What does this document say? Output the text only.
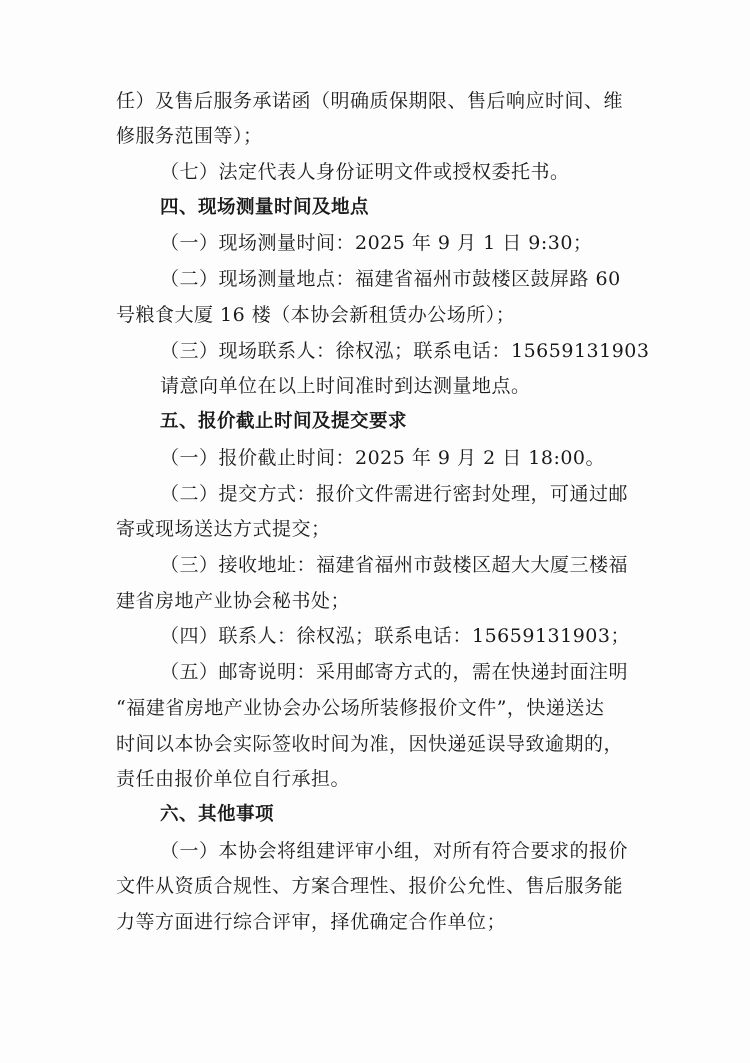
任）及售后服务承诺函（明确质保期限、售后响应时间、维
修服务范围等）；
（七）法定代表人身份证明文件或授权委托书。
四、现场测量时间及地点
（一）现场测量时间：2025 年 9 月 1 日 9:30；
（二）现场测量地点：福建省福州市鼓楼区鼓屏路 60
号粮食大厦 16 楼（本协会新租赁办公场所）；
（三）现场联系人：徐权泓；联系电话：15659131903
请意向单位在以上时间准时到达测量地点。
五、报价截止时间及提交要求
（一）报价截止时间：2025 年 9 月 2 日 18:00。
（二）提交方式：报价文件需进行密封处理，可通过邮
寄或现场送达方式提交；
（三）接收地址：福建省福州市鼓楼区超大大厦三楼福
建省房地产业协会秘书处；
（四）联系人：徐权泓；联系电话：15659131903；
（五）邮寄说明：采用邮寄方式的，需在快递封面注明
“福建省房地产业协会办公场所装修报价文件”，快递送达
时间以本协会实际签收时间为准，因快递延误导致逾期的，
责任由报价单位自行承担。
六、其他事项
（一）本协会将组建评审小组，对所有符合要求的报价
文件从资质合规性、方案合理性、报价公允性、售后服务能
力等方面进行综合评审，择优确定合作单位；
